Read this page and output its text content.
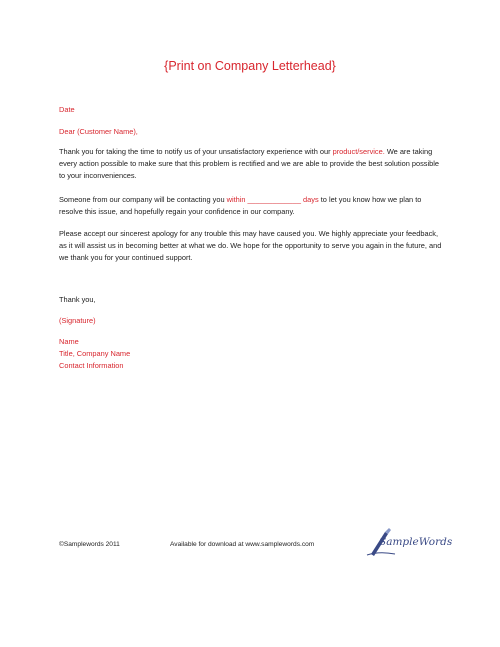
{Print on Company Letterhead}
Date
Dear (Customer Name),

Thank you for taking the time to notify us of your unsatisfactory experience with our product/service. We are taking every action possible to make sure that this problem is rectified and we are able to provide the best solution possible to your inconveniences.

Someone from our company will be contacting you within _____________ days to let you know how we plan to resolve this issue, and hopefully regain your confidence in our company.

Please accept our sincerest apology for any trouble this may have caused you. We highly appreciate your feedback, as it will assist us in becoming better at what we do. We hope for the opportunity to serve you again in the future, and we thank you for your continued support.

Thank you,
(Signature)
Name
Title, Company Name
Contact Information
©Samplewords 2011	Available for download at www.samplewords.com	SampleWords
